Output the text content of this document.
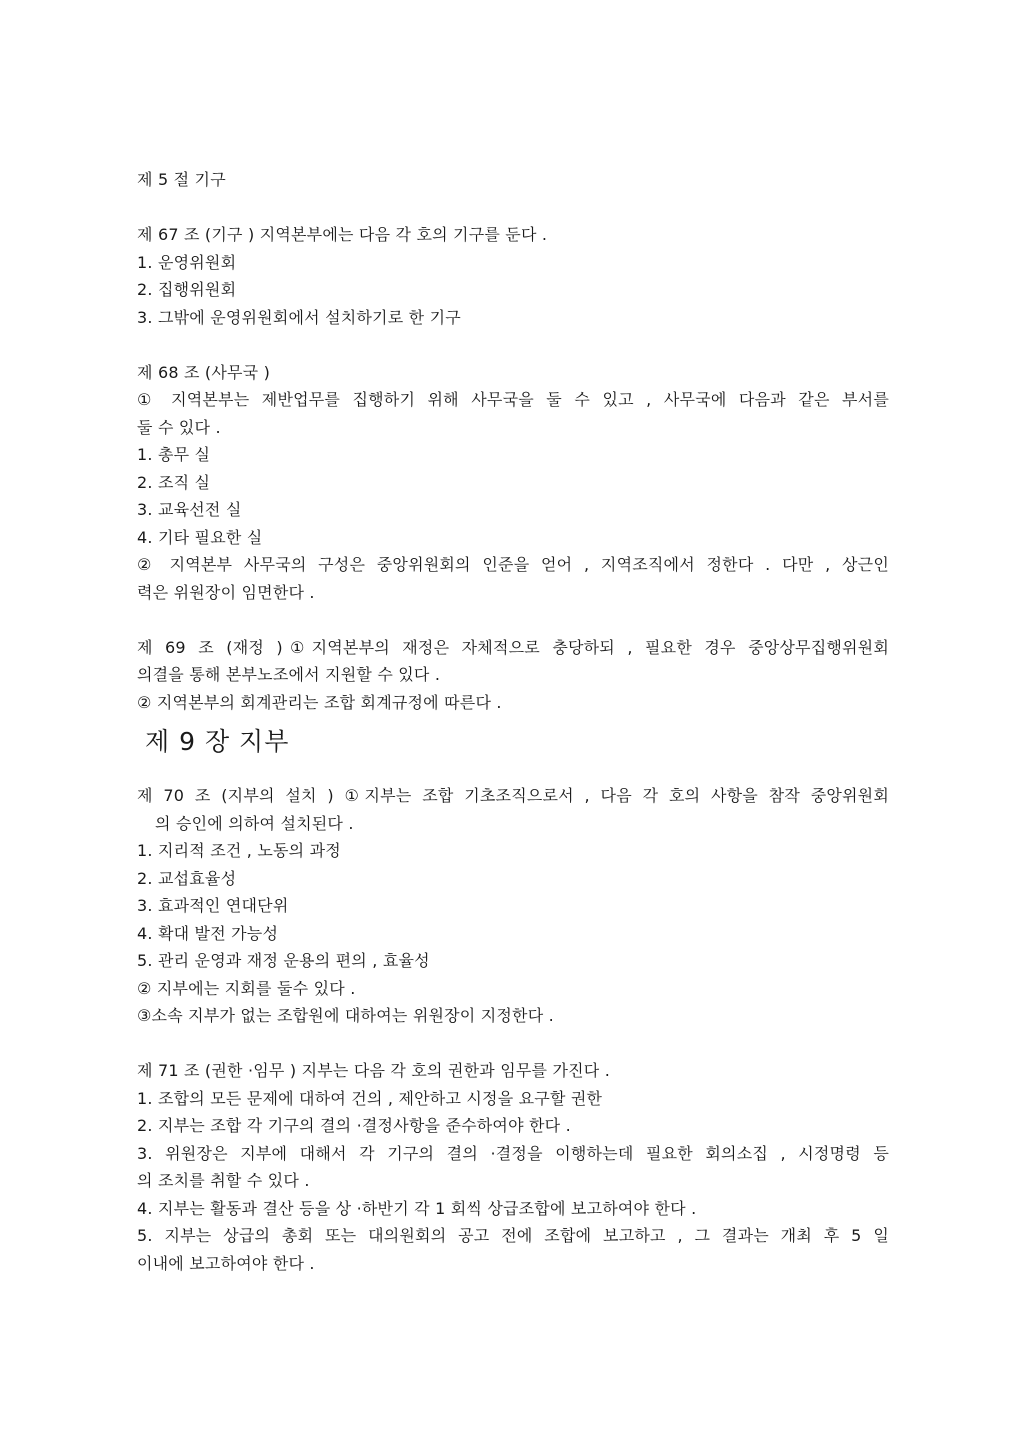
제 5 절 기구
제 67 조 (기구 ) 지역본부에는 다음 각 호의 기구를 둔다 .
1. 운영위원회
2. 집행위원회
3. 그밖에 운영위원회에서 설치하기로 한 기구
제 68 조 (사무국 )
① 지역본부는 제반업무를 집행하기 위해 사무국을 둘 수 있고 , 사무국에 다음과 같은 부서를
둘 수 있다 .
1. 총무 실
2. 조직 실
3. 교육선전 실
4. 기타 필요한 실
② 지역본부 사무국의 구성은 중앙위원회의 인준을 얻어 , 지역조직에서 정한다 . 다만 , 상근인
력은 위원장이 임면한다 .
제 69 조 (재정 )①지역본부의 재정은 자체적으로 충당하되 , 필요한 경우 중앙상무집행위원회
의결을 통해 본부노조에서 지원할 수 있다 .
② 지역본부의 회계관리는 조합 회계규정에 따른다 .
제 9 장 지부
제 70 조 (지부의 설치 ) ①지부는 조합 기초조직으로서 , 다음 각 호의 사항을 참작 중앙위원회
의 승인에 의하여 설치된다 .
1. 지리적 조건 , 노동의 과정
2. 교섭효율성
3. 효과적인 연대단위
4. 확대 발전 가능성
5. 관리 운영과 재정 운용의 편의 , 효율성
② 지부에는 지회를 둘수 있다 .
③소속 지부가 없는 조합원에 대하여는 위원장이 지정한다 .
제 71 조 (권한 ·임무 ) 지부는 다음 각 호의 권한과 임무를 가진다 .
1. 조합의 모든 문제에 대하여 건의 , 제안하고 시정을 요구할 권한
2. 지부는 조합 각 기구의 결의 ·결정사항을 준수하여야 한다 .
3. 위원장은 지부에 대해서 각 기구의 결의 ·결정을 이행하는데 필요한 회의소집 , 시정명령 등
의 조치를 취할 수 있다 .
4. 지부는 활동과 결산 등을 상 ·하반기 각 1 회씩 상급조합에 보고하여야 한다 .
5. 지부는 상급의 총회 또는 대의원회의 공고 전에 조합에 보고하고 , 그 결과는 개최 후 5 일
이내에 보고하여야 한다 .
